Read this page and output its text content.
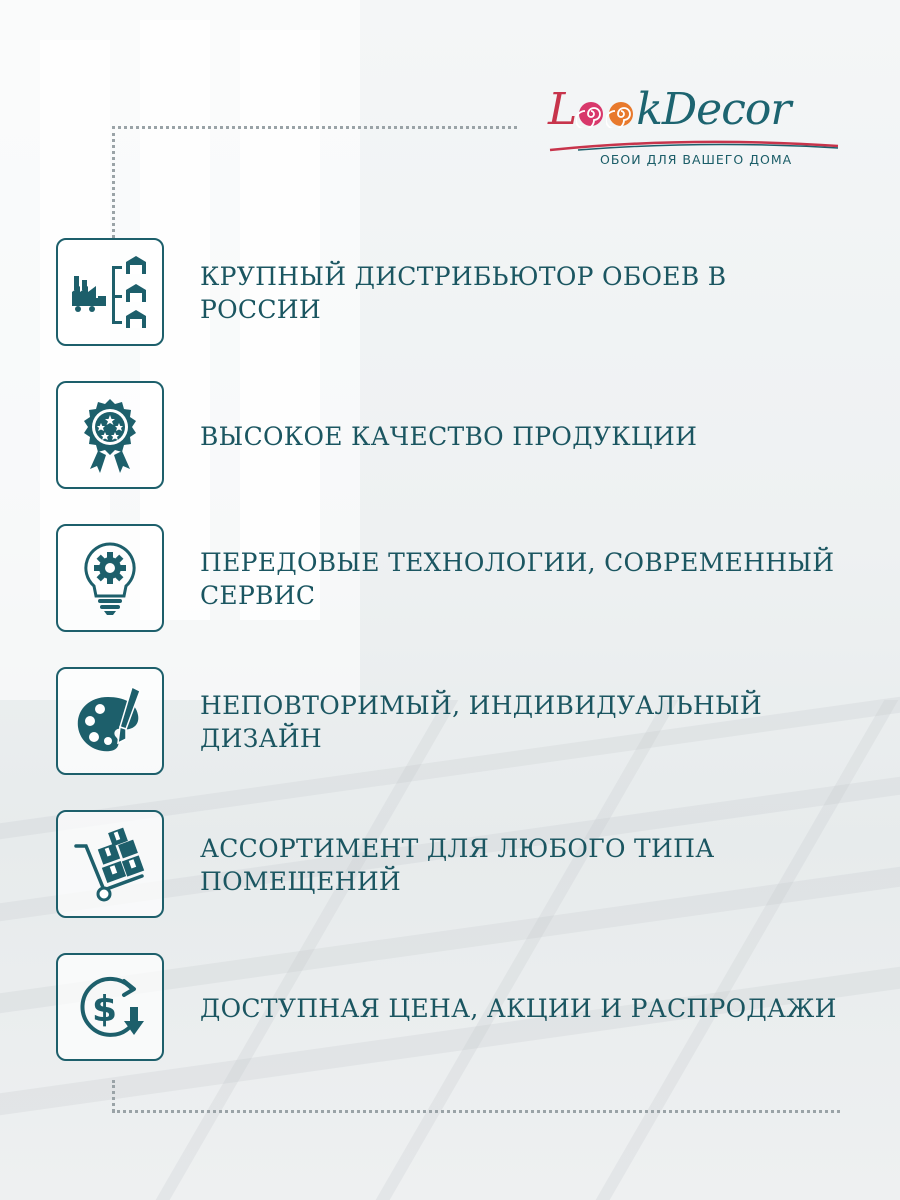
L kDecor
ОБОИ ДЛЯ ВАШЕГО ДОМА
КРУПНЫЙ ДИСТРИБЬЮТОР ОБОЕВ В РОССИИ
ВЫСОКОЕ КАЧЕСТВО ПРОДУКЦИИ
ПЕРЕДОВЫЕ ТЕХНОЛОГИИ, СОВРЕМЕННЫЙ
СЕРВИС
НЕПОВТОРИМЫЙ, ИНДИВИДУАЛЬНЫЙ ДИЗАЙН
АССОРТИМЕНТ ДЛЯ ЛЮБОГО ТИПА
ПОМЕЩЕНИЙ
$	ДОСТУПНАЯ ЦЕНА, АКЦИИ И РАСПРОДАЖИ
